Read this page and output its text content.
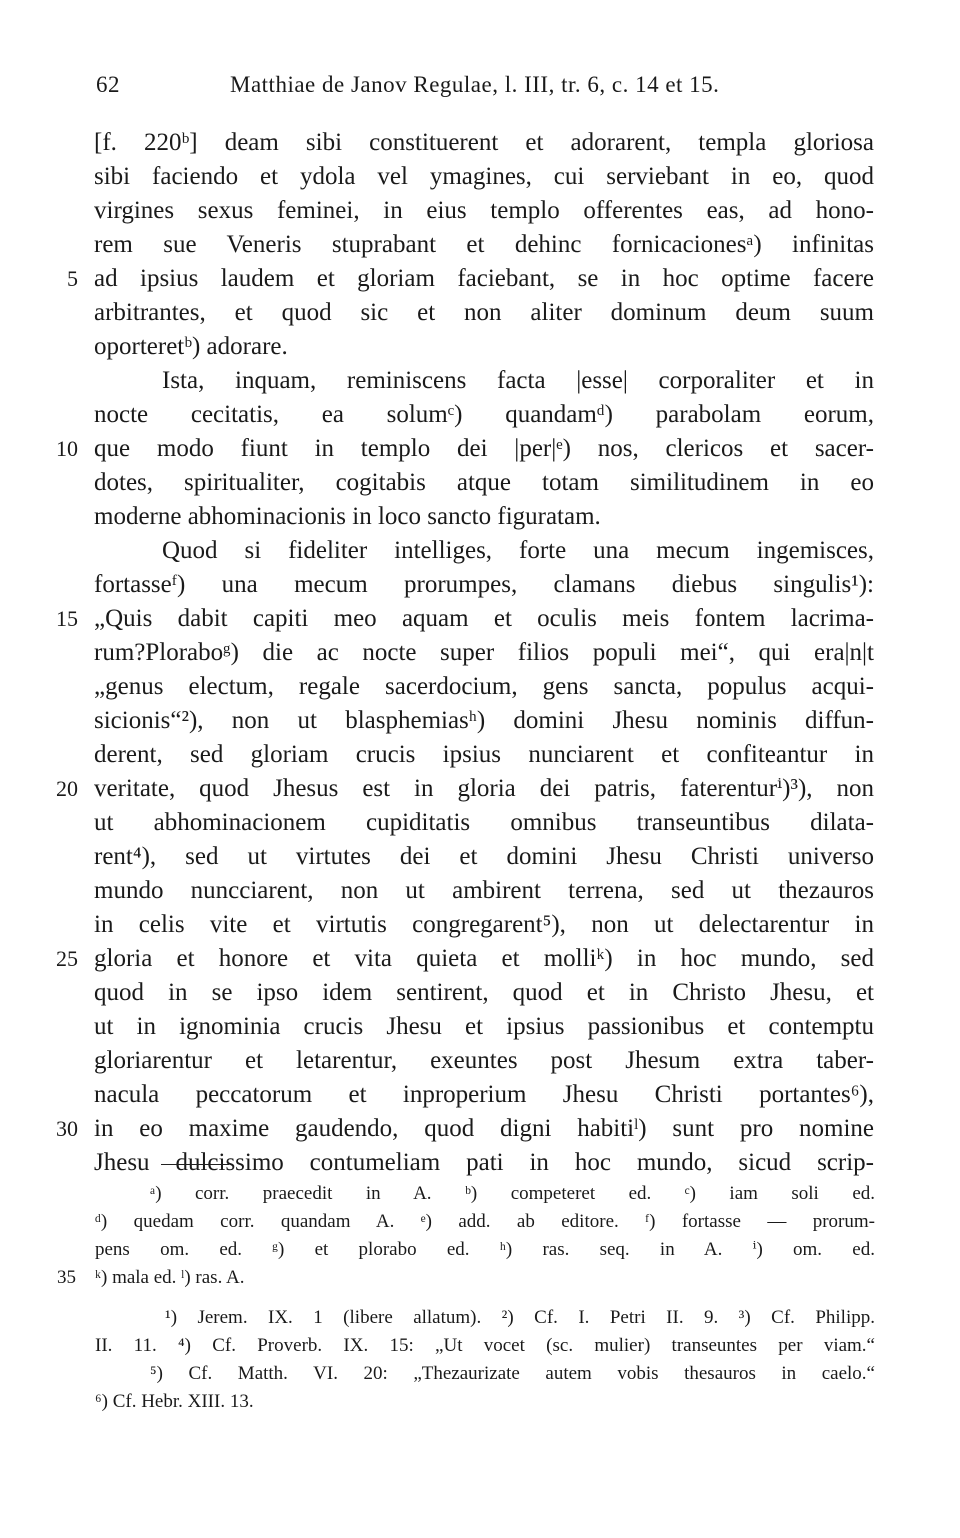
62	Matthiae de Janov Regulae, l. III, tr. 6, c. 14 et 15.
[f. 220ᵇ] deam sibi constituerent et adorarent, templa gloriosa
sibi faciendo et ydola vel ymagines, cui serviebant in eo, quod
virgines sexus feminei, in eius templo offerentes eas, ad hono-
rem sue Veneris stuprabant et dehinc fornicacionesᵃ) infinitas
ad ipsius laudem et gloriam faciebant, se in hoc optime facere
arbitrantes, et quod sic et non aliter dominum deum suum
oporteretᵇ) adorare.
Ista, inquam, reminiscens facta |esse| corporaliter et in
nocte cecitatis, ea solumᶜ) quandamᵈ) parabolam eorum,
que modo fiunt in templo dei |per|ᵉ) nos, clericos et sacer-
dotes, spiritualiter, cogitabis atque totam similitudinem in eo
moderne abhominacionis in loco sancto figuratam.
Quod si fideliter intelliges, forte una mecum ingemisces,
fortasseᶠ) una mecum prorumpes, clamans diebus singulis¹):
„Quis dabit capiti meo aquam et oculis meis fontem lacrima-
rum?Ploraboᵍ) die ac nocte super filios populi mei“, qui era|n|t
„genus electum, regale sacerdocium, gens sancta, populus acqui-
sicionis“²), non ut blasphemiasʰ) domini Jhesu nominis diffun-
derent, sed gloriam crucis ipsius nunciarent et confiteantur in
veritate, quod Jhesus est in gloria dei patris, faterenturⁱ)³), non
ut abhominacionem cupiditatis omnibus transeuntibus dilata-
rent⁴), sed ut virtutes dei et domini Jhesu Christi universo
mundo nuncciarent, non ut ambirent terrena, sed ut thezauros
in celis vite et virtutis congregarent⁵), non ut delectarentur in
gloria et honore et vita quieta et molliᵏ) in hoc mundo, sed
quod in se ipso idem sentirent, quod et in Christo Jhesu, et
ut in ignominia crucis Jhesu et ipsius passionibus et contemptu
gloriarentur et letarentur, exeuntes post Jhesum extra taber-
nacula peccatorum et inproperium Jhesu Christi portantes⁶),
in eo maxime gaudendo, quod digni habitiˡ) sunt pro nomine
Jhesu dulcissimo contumeliam pati in hoc mundo, sicud scrip-
5
10
15
20
25
30
ᵃ) corr. praecedit in A. ᵇ) competeret ed. ᶜ) iam soli ed.
ᵈ) quedam corr. quandam A. ᵉ) add. ab editore. ᶠ) fortasse — prorum-
pens om. ed. ᵍ) et plorabo ed. ʰ) ras. seq. in A. ⁱ) om. ed.
ᵏ) mala ed. ˡ) ras. A.
35
¹) Jerem. IX. 1 (libere allatum). ²) Cf. I. Petri II. 9. ³) Cf. Philipp.
II. 11. ⁴) Cf. Proverb. IX. 15: „Ut vocet (sc. mulier) transeuntes per viam.“
⁵) Cf. Matth. VI. 20: „Thezaurizate autem vobis thesauros in caelo.“
⁶) Cf. Hebr. XIII. 13.
